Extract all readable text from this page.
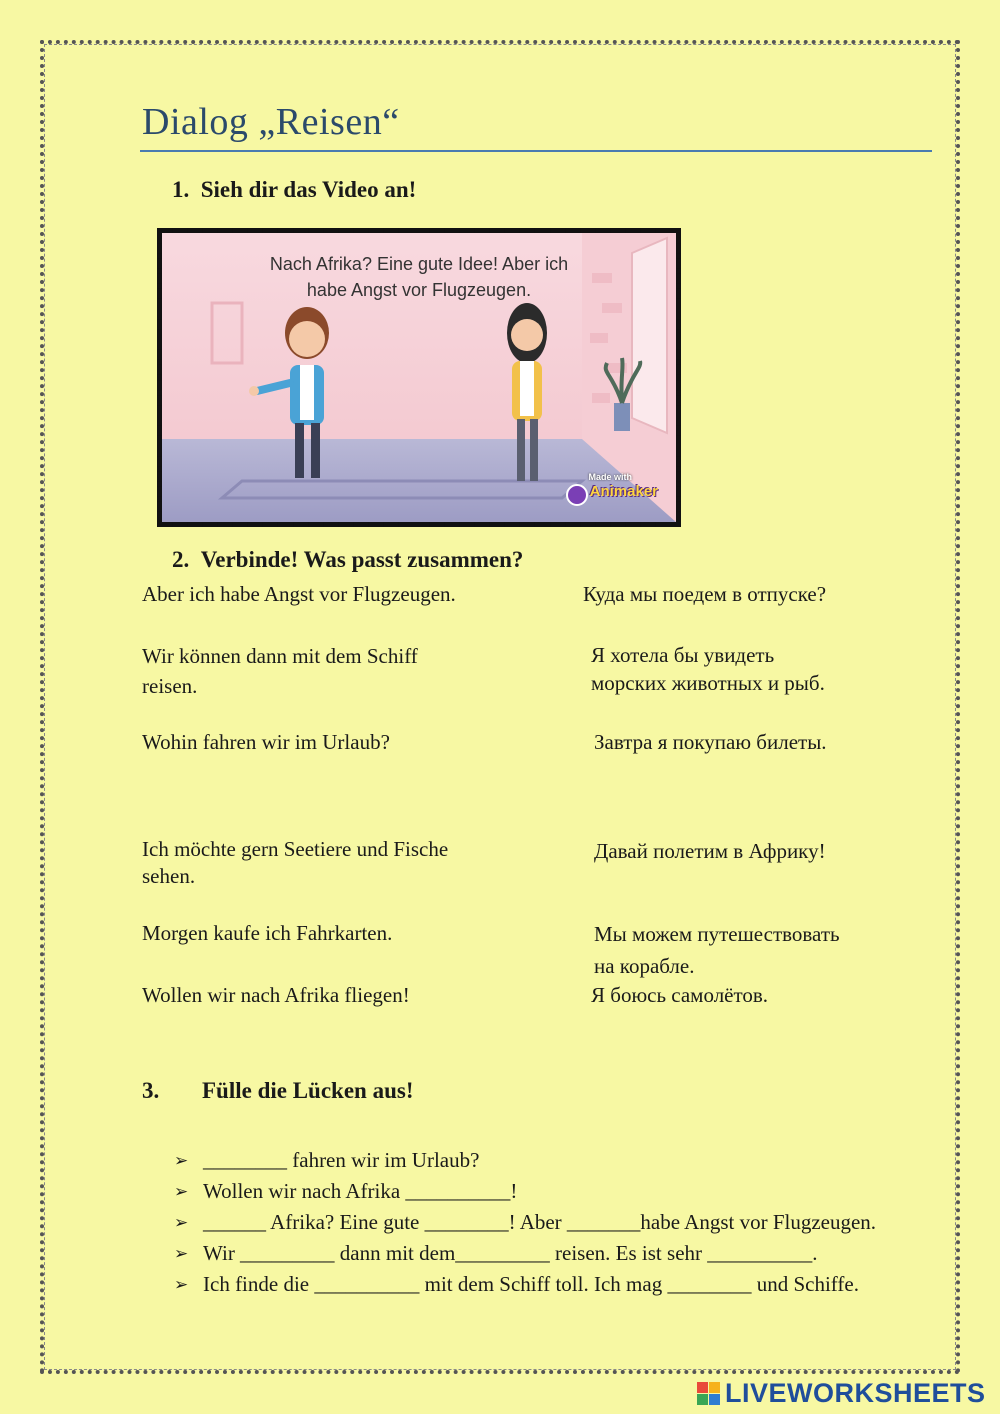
Dialog „Reisen“
1.  Sieh dir das Video an!
Nach Afrika? Eine gute Idee! Aber ich
habe Angst vor Flugzeugen.
Made with
Animaker
2.  Verbinde! Was passt zusammen?
Aber ich habe Angst vor Flugzeugen.
Wir können dann mit dem Schiff
reisen.
Wohin fahren wir im Urlaub?
Ich möchte gern Seetiere und Fische
sehen.
Morgen kaufe ich Fahrkarten.
Wollen wir nach Afrika fliegen!
Куда мы поедем в отпуске?
Я хотела бы увидеть
морских животных и рыб.
Завтра я покупаю билеты.
Давай полетим в Африку!
Мы можем путешествовать
на корабле.
Я боюсь самолётов.
3. Fülle die Lücken aus!
➢ ________ fahren wir im Urlaub?
➢ Wollen wir nach Afrika __________!
➢ ______ Afrika? Eine gute ________! Aber _______habe Angst vor Flugzeugen.
➢ Wir _________ dann mit dem_________ reisen. Es ist sehr __________.
➢ Ich finde die __________ mit dem Schiff toll. Ich mag ________ und Schiffe.
LIVEWORKSHEETS
